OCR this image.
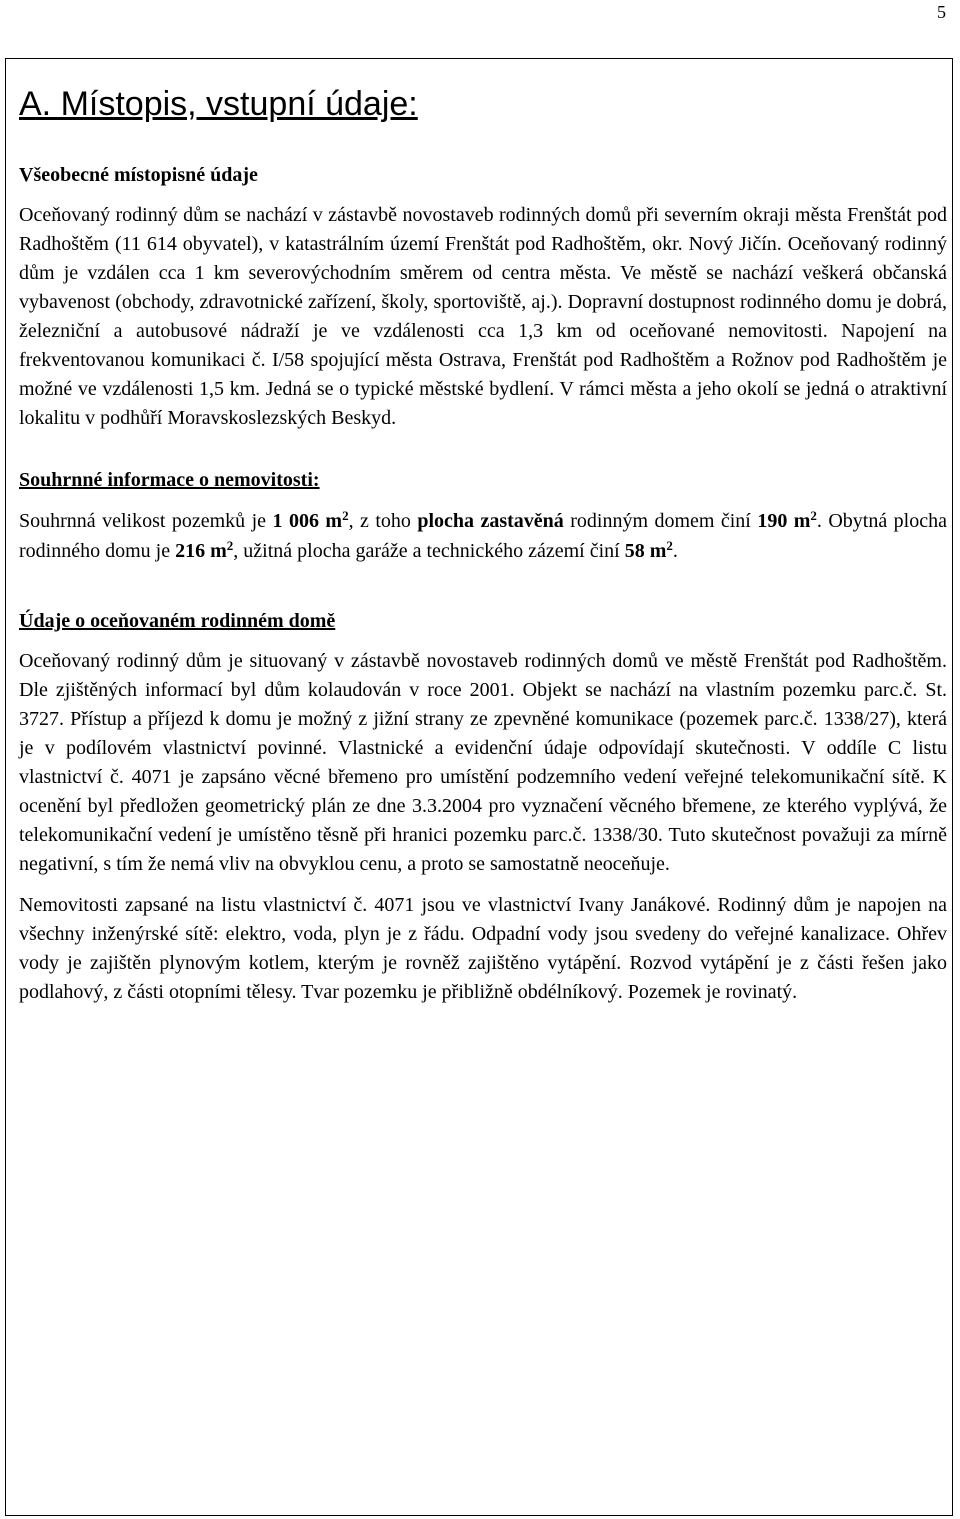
5
A. Místopis, vstupní údaje:
Všeobecné místopisné údaje

Oceňovaný rodinný dům se nachází v zástavbě novostaveb rodinných domů při severním okraji města Frenštát pod Radhoštěm (11 614 obyvatel), v katastrálním území Frenštát pod Radhoštěm, okr. Nový Jičín. Oceňovaný rodinný dům je vzdálen cca 1 km severovýchodním směrem od centra města. Ve městě se nachází veškerá občanská vybavenost (obchody, zdravotnické zařízení, školy, sportoviště, aj.). Dopravní dostupnost rodinného domu je dobrá, železniční a autobusové nádraží je ve vzdálenosti cca 1,3 km od oceňované nemovitosti. Napojení na frekventovanou komunikaci č. I/58 spojující města Ostrava, Frenštát pod Radhoštěm a Rožnov pod Radhoštěm je možné ve vzdálenosti 1,5 km. Jedná se o typické městské bydlení. V rámci města a jeho okolí se jedná o atraktivní lokalitu v podhůří Moravskoslezských Beskyd.

Souhrnné informace o nemovitosti:

Souhrnná velikost pozemků je 1 006 $m^2$, z toho plocha zastavěná rodinným domem činí 190 $m^2$. Obytná plocha rodinného domu je 216 $m^2$, užitná plocha garáže a technického zázemí činí 58 $m^2$.

Údaje o oceňovaném rodinném domě

Oceňovaný rodinný dům je situovaný v zástavbě novostaveb rodinných domů ve městě Frenštát pod Radhoštěm. Dle zjištěných informací byl dům kolaudován v roce 2001. Objekt se nachází na vlastním pozemku parc.č. St. 3727. Přístup a příjezd k domu je možný z jižní strany ze zpevněné komunikace (pozemek parc.č. 1338/27), která je v podílovém vlastnictví povinné. Vlastnické a evidenční údaje odpovídají skutečnosti. V oddíle C listu vlastnictví č. 4071 je zapsáno věcné břemeno pro umístění podzemního vedení veřejné telekomunikační sítě. K ocenění byl předložen geometrický plán ze dne 3.3.2004 pro vyznačení věcného břemene, ze kterého vyplývá, že telekomunikační vedení je umístěno těsně při hranici pozemku parc.č. 1338/30. Tuto skutečnost považuji za mírně negativní, s tím že nemá vliv na obvyklou cenu, a proto se samostatně neoceňuje.

Nemovitosti zapsané na listu vlastnictví č. 4071 jsou ve vlastnictví Ivany Janákové. Rodinný dům je napojen na všechny inženýrské sítě: elektro, voda, plyn je z řádu. Odpadní vody jsou svedeny do veřejné kanalizace. Ohřev vody je zajištěn plynovým kotlem, kterým je rovněž zajištěno vytápění. Rozvod vytápění je z části řešen jako podlahový, z části otopními tělesy. Tvar pozemku je přibližně obdélníkový. Pozemek je rovinatý.
